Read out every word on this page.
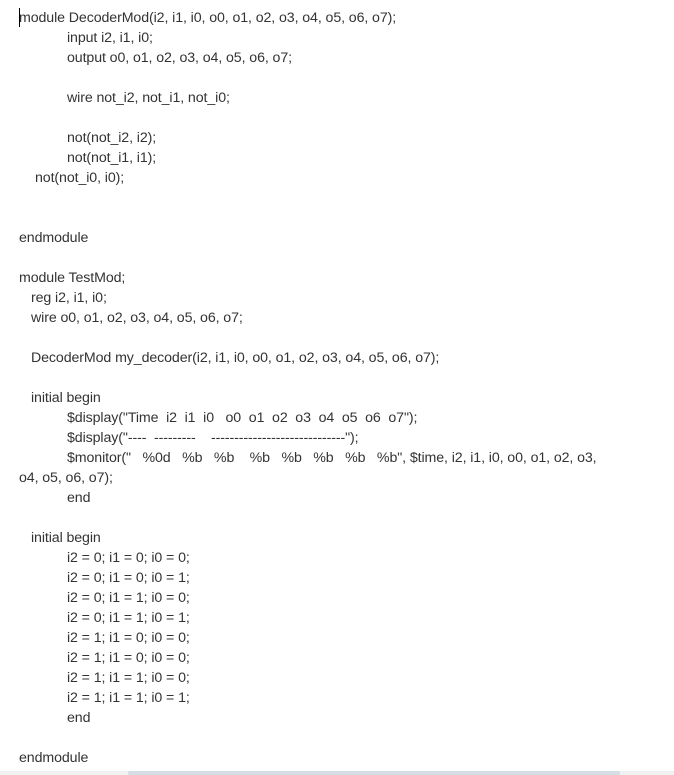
module DecoderMod(i2, i1, i0, o0, o1, o2, o3, o4, o5, o6, o7);
input i2, i1, i0;
output o0, o1, o2, o3, o4, o5, o6, o7;
wire not_i2, not_i1, not_i0;
not(not_i2, i2);
not(not_i1, i1);
not(not_i0, i0);
endmodule
module TestMod;
reg i2, i1, i0;
wire o0, o1, o2, o3, o4, o5, o6, o7;
DecoderMod my_decoder(i2, i1, i0, o0, o1, o2, o3, o4, o5, o6, o7);
initial begin
$display("Time  i2  i1  i0   o0  o1  o2  o3  o4  o5  o6  o7");
$display("----  ---------    -----------------------------");
$monitor("   %0d   %b   %b    %b   %b   %b   %b   %b", $time, i2, i1, i0, o0, o1, o2, o3,
o4, o5, o6, o7);
end
initial begin
i2 = 0; i1 = 0; i0 = 0;
i2 = 0; i1 = 0; i0 = 1;
i2 = 0; i1 = 1; i0 = 0;
i2 = 0; i1 = 1; i0 = 1;
i2 = 1; i1 = 0; i0 = 0;
i2 = 1; i1 = 0; i0 = 0;
i2 = 1; i1 = 1; i0 = 0;
i2 = 1; i1 = 1; i0 = 1;
end
endmodule
